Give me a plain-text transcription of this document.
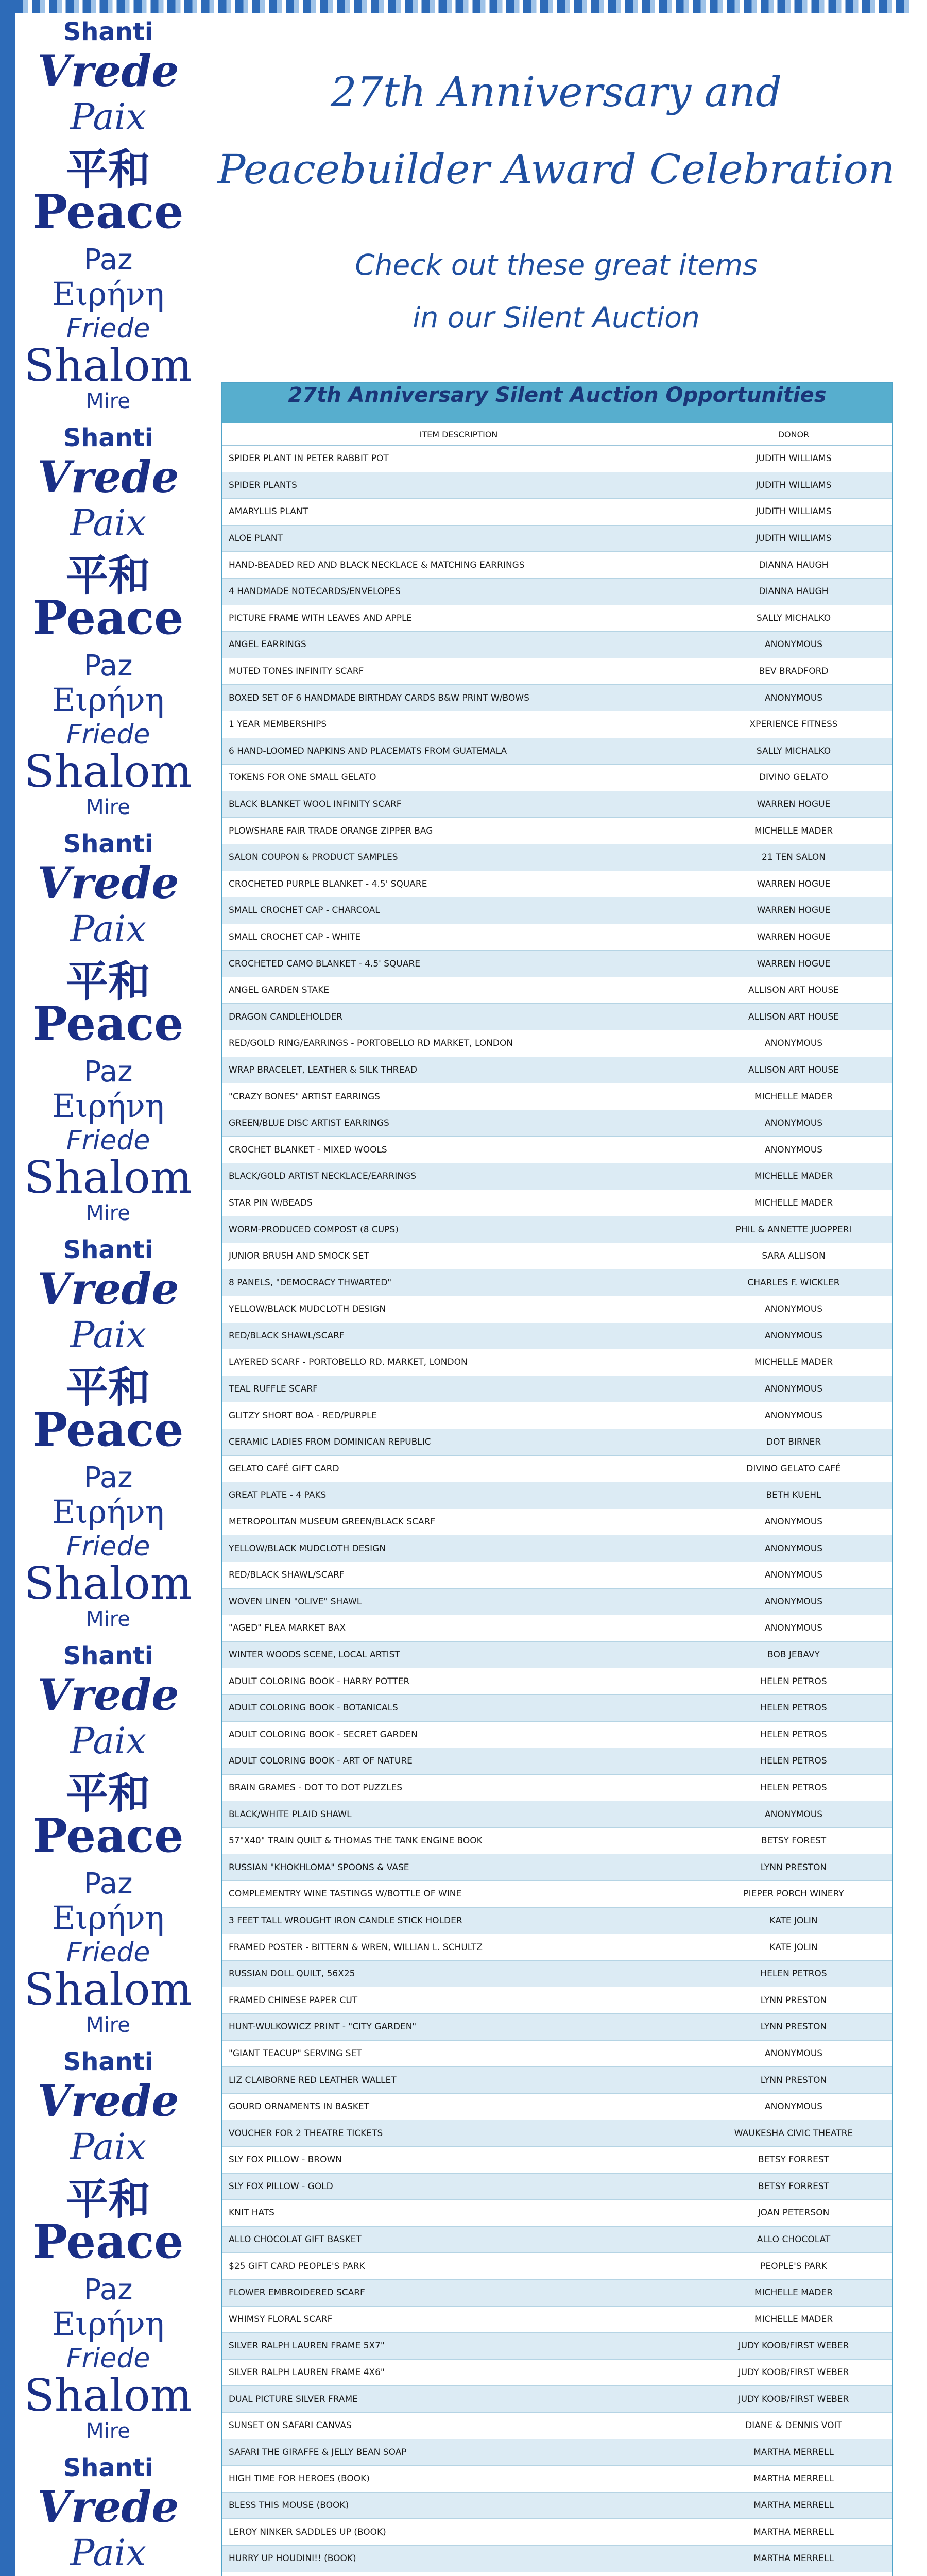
Shanti
Vrede
Paix
平和
Peace
Paz
Ειρήνη
Friede
Shalom
Mire
Shanti
Vrede
Paix
平和
Peace
Paz
Ειρήνη
Friede
Shalom
Mire
Shanti
Vrede
Paix
平和
Peace
Paz
Ειρήνη
Friede
Shalom
Mire
Shanti
Vrede
Paix
平和
Peace
Paz
Ειρήνη
Friede
Shalom
Mire
Shanti
Vrede
Paix
平和
Peace
Paz
Ειρήνη
Friede
Shalom
Mire
Shanti
Vrede
Paix
平和
Peace
Paz
Ειρήνη
Friede
Shalom
Mire
Shanti
Vrede
Paix
27th Anniversary and
Peacebuilder Award Celebration
Check out these great items
in our Silent Auction
27th Anniversary Silent Auction Opportunities
ITEM DESCRIPTION	DONOR
SPIDER PLANT IN PETER RABBIT POT	JUDITH WILLIAMS
SPIDER PLANTS	JUDITH WILLIAMS
AMARYLLIS PLANT	JUDITH WILLIAMS
ALOE PLANT	JUDITH WILLIAMS
HAND-BEADED RED AND BLACK NECKLACE & MATCHING EARRINGS	DIANNA HAUGH
4 HANDMADE NOTECARDS/ENVELOPES	DIANNA HAUGH
PICTURE FRAME WITH LEAVES AND APPLE	SALLY MICHALKO
ANGEL EARRINGS	ANONYMOUS
MUTED TONES INFINITY SCARF	BEV BRADFORD
BOXED SET OF 6 HANDMADE BIRTHDAY CARDS B&W PRINT W/BOWS	ANONYMOUS
1 YEAR MEMBERSHIPS	XPERIENCE FITNESS
6 HAND-LOOMED NAPKINS AND PLACEMATS FROM GUATEMALA	SALLY MICHALKO
TOKENS FOR ONE SMALL GELATO	DIVINO GELATO
BLACK BLANKET WOOL INFINITY SCARF	WARREN HOGUE
PLOWSHARE FAIR TRADE ORANGE ZIPPER BAG	MICHELLE MADER
SALON COUPON & PRODUCT SAMPLES	21 TEN SALON
CROCHETED PURPLE BLANKET - 4.5' SQUARE	WARREN HOGUE
SMALL CROCHET CAP - CHARCOAL	WARREN HOGUE
SMALL CROCHET CAP - WHITE	WARREN HOGUE
CROCHETED CAMO BLANKET - 4.5' SQUARE	WARREN HOGUE
ANGEL GARDEN STAKE	ALLISON ART HOUSE
DRAGON CANDLEHOLDER	ALLISON ART HOUSE
RED/GOLD RING/EARRINGS - PORTOBELLO RD MARKET, LONDON	ANONYMOUS
WRAP BRACELET, LEATHER & SILK THREAD	ALLISON ART HOUSE
"CRAZY BONES" ARTIST EARRINGS	MICHELLE MADER
GREEN/BLUE DISC ARTIST EARRINGS	ANONYMOUS
CROCHET BLANKET - MIXED WOOLS	ANONYMOUS
BLACK/GOLD ARTIST NECKLACE/EARRINGS	MICHELLE MADER
STAR PIN W/BEADS	MICHELLE MADER
WORM-PRODUCED COMPOST (8 CUPS)	PHIL & ANNETTE JUOPPERI
JUNIOR BRUSH AND SMOCK SET	SARA ALLISON
8 PANELS, "DEMOCRACY THWARTED"	CHARLES F. WICKLER
YELLOW/BLACK MUDCLOTH DESIGN	ANONYMOUS
RED/BLACK SHAWL/SCARF	ANONYMOUS
LAYERED SCARF - PORTOBELLO RD. MARKET, LONDON	MICHELLE MADER
TEAL RUFFLE SCARF	ANONYMOUS
GLITZY SHORT BOA - RED/PURPLE	ANONYMOUS
CERAMIC LADIES FROM DOMINICAN REPUBLIC	DOT BIRNER
GELATO CAFÉ GIFT CARD	DIVINO GELATO CAFÉ
GREAT PLATE - 4 PAKS	BETH KUEHL
METROPOLITAN MUSEUM GREEN/BLACK SCARF	ANONYMOUS
YELLOW/BLACK MUDCLOTH DESIGN	ANONYMOUS
RED/BLACK SHAWL/SCARF	ANONYMOUS
WOVEN LINEN "OLIVE" SHAWL	ANONYMOUS
"AGED" FLEA MARKET BAX	ANONYMOUS
WINTER WOODS SCENE, LOCAL ARTIST	BOB JEBAVY
ADULT COLORING BOOK - HARRY POTTER	HELEN PETROS
ADULT COLORING BOOK - BOTANICALS	HELEN PETROS
ADULT COLORING BOOK - SECRET GARDEN	HELEN PETROS
ADULT COLORING BOOK - ART OF NATURE	HELEN PETROS
BRAIN GRAMES - DOT TO DOT PUZZLES	HELEN PETROS
BLACK/WHITE PLAID SHAWL	ANONYMOUS
57"X40" TRAIN QUILT & THOMAS THE TANK ENGINE BOOK	BETSY FOREST
RUSSIAN "KHOKHLOMA" SPOONS & VASE	LYNN PRESTON
COMPLEMENTRY WINE TASTINGS W/BOTTLE OF WINE	PIEPER PORCH WINERY
3 FEET TALL WROUGHT IRON CANDLE STICK HOLDER	KATE JOLIN
FRAMED POSTER - BITTERN & WREN, WILLIAN L. SCHULTZ	KATE JOLIN
RUSSIAN DOLL QUILT, 56X25	HELEN PETROS
FRAMED CHINESE PAPER CUT	LYNN PRESTON
HUNT-WULKOWICZ PRINT - "CITY GARDEN"	LYNN PRESTON
"GIANT TEACUP" SERVING SET	ANONYMOUS
LIZ CLAIBORNE RED LEATHER WALLET	LYNN PRESTON
GOURD ORNAMENTS IN BASKET	ANONYMOUS
VOUCHER FOR 2 THEATRE TICKETS	WAUKESHA CIVIC THEATRE
SLY FOX PILLOW - BROWN	BETSY FORREST
SLY FOX PILLOW - GOLD	BETSY FORREST
KNIT HATS	JOAN PETERSON
ALLO CHOCOLAT GIFT BASKET	ALLO CHOCOLAT
$25 GIFT CARD PEOPLE'S PARK	PEOPLE'S PARK
FLOWER EMBROIDERED SCARF	MICHELLE MADER
WHIMSY FLORAL SCARF	MICHELLE MADER
SILVER RALPH LAUREN FRAME 5X7"	JUDY KOOB/FIRST WEBER
SILVER RALPH LAUREN FRAME 4X6"	JUDY KOOB/FIRST WEBER
DUAL PICTURE SILVER FRAME	JUDY KOOB/FIRST WEBER
SUNSET ON SAFARI CANVAS	DIANE & DENNIS VOIT
SAFARI THE GIRAFFE & JELLY BEAN SOAP	MARTHA MERRELL
HIGH TIME FOR HEROES (BOOK)	MARTHA MERRELL
BLESS THIS MOUSE (BOOK)	MARTHA MERRELL
LEROY NINKER SADDLES UP (BOOK)	MARTHA MERRELL
HURRY UP HOUDINI!! (BOOK)	MARTHA MERRELL
